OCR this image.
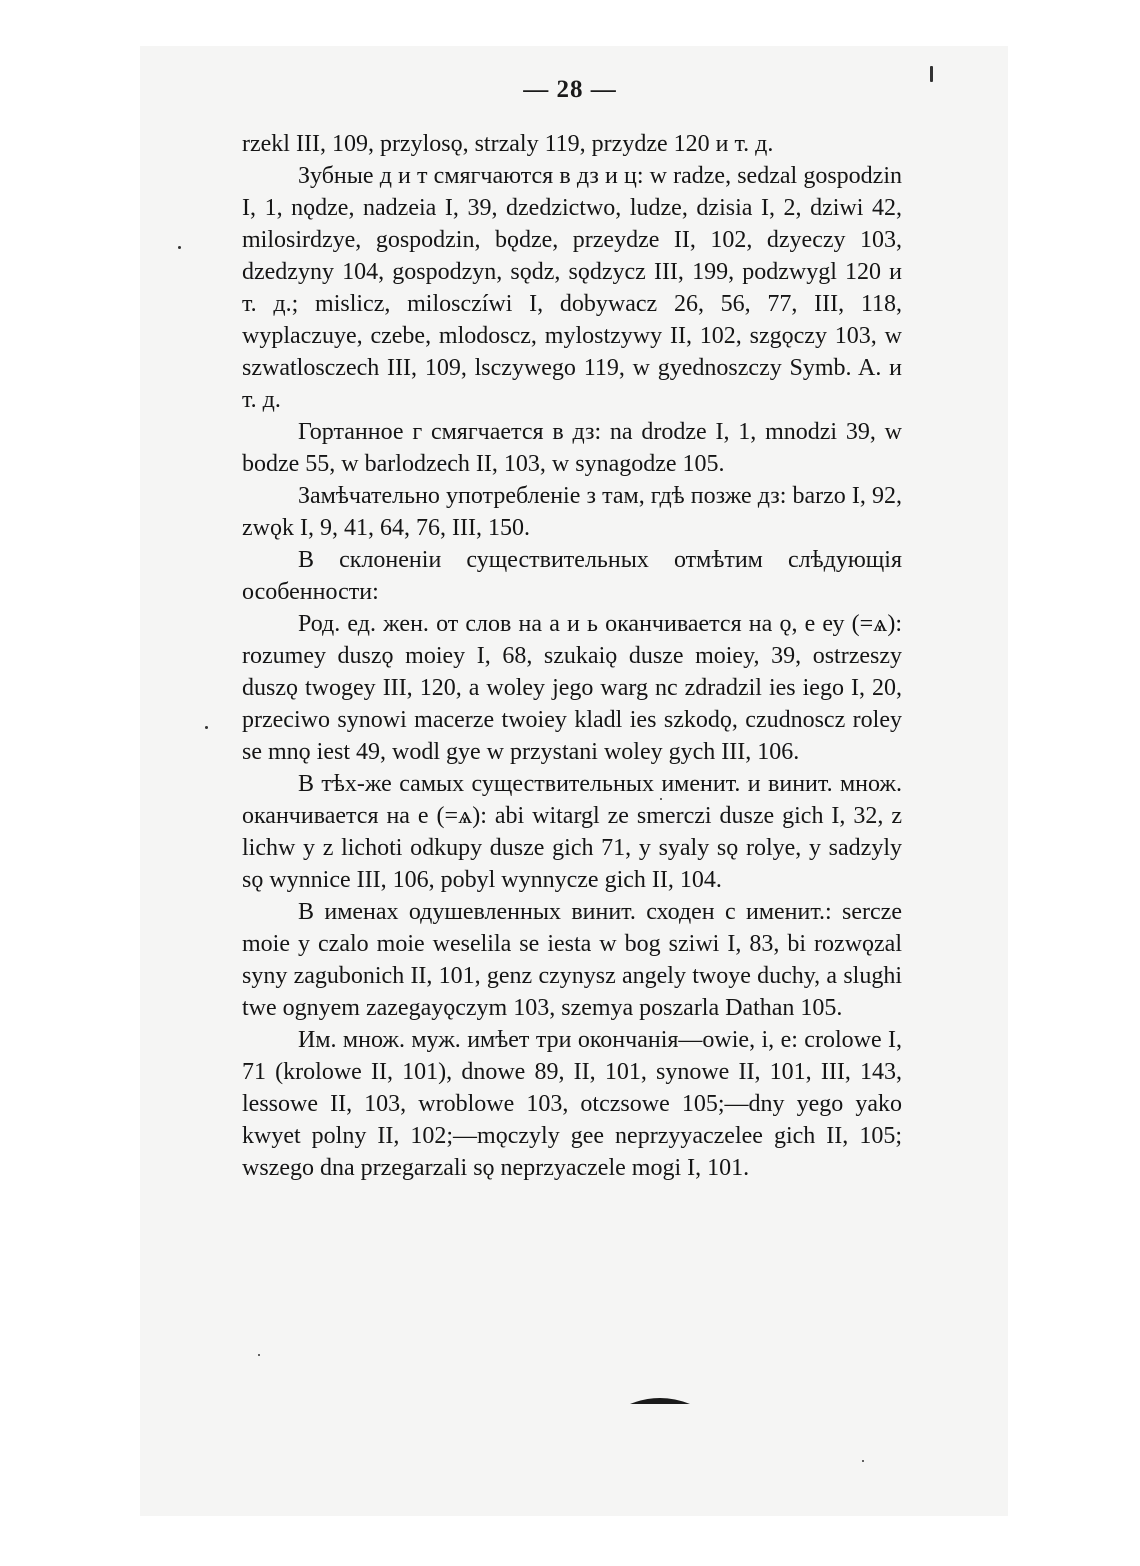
— 28 —

rzekl III, 109, przylosǫ, strzaly 119, przydze 120 и т. д.

Зубные д и т смягчаются в дз и ц: w radze, sedzal gospodzin I, 1, nǫdze, nadzeia I, 39, dzedzictwo, ludze, dzisia I, 2, dziwi 42, milosirdzye, gospodzin, bǫdze, przeydze II, 102, dzyeczy 103, dzedzyny 104, gospodzyn, sǫdz, sǫdzycz III, 199, podzwygl 120 и т. д.; mislicz, milosczíwi I, dobywacz 26, 56, 77, III, 118, wyplaczuye, czebe, mlodoscz, mylostzywy II, 102, szgǫczy 103, w szwatlosczech III, 109, lsczywego 119, w gyednoszczy Symb. A. и т. д.

Гортанное г смягчается в дз: na drodze I, 1, mnodzi 39, w bodze 55, w barlodzech II, 103, w synagodze 105.

Замѣчательно употребленіе з там, гдѣ позже дз: barzo I, 92, zwǫk I, 9, 41, 64, 76, III, 150.

В склоненіи существительных отмѣтим слѣдующія особенности:

Род. ед. жен. от слов на а и ь оканчивается на ǫ, е еу (=ѧ): rozumey duszǫ moiey I, 68, szukaiǫ dusze moiey, 39, ostrzeszy duszǫ twogey III, 120, a woley jego warg nc zdradzil ies iego I, 20, przeciwo synowi macerze twoiey kladl ies szkodǫ, czudnoscz roley se mnǫ iest 49, wodl gye w przystani woley gych III, 106.

В тѣх-же самых существительных именит. и винит. множ. оканчивается на е (=ѧ): abi witargl ze smerczi dusze gich I, 32, z lichw y z lichoti odkupy dusze gich 71, y syaly sǫ rolye, y sadzyly sǫ wynnice III, 106, pobyl wynnycze gich II, 104.

В именах одушевленных винит. сходен с именит.: sercze moie y czalo moie weselila se iesta w bog sziwi I, 83, bi rozwǫzal syny zagubonich II, 101, genz czynysz angely twoye duchy, a slughi twe ognyem zazegayǫczym 103, szemya poszarla Dathan 105.

Им. множ. муж. имѣет три окончанія—owie, i, e: crolowe I, 71 (krolowe II, 101), dnowe 89, II, 101, synowe II, 101, III, 143, lessowe II, 103, wroblowe 103, otczsowe 105;—dny yego yako kwyet polny II, 102;—mǫczyly gee neprzyyaczelee gich II, 105; wszego dna przegarzali sǫ neprzyaczele mogi I, 101.
